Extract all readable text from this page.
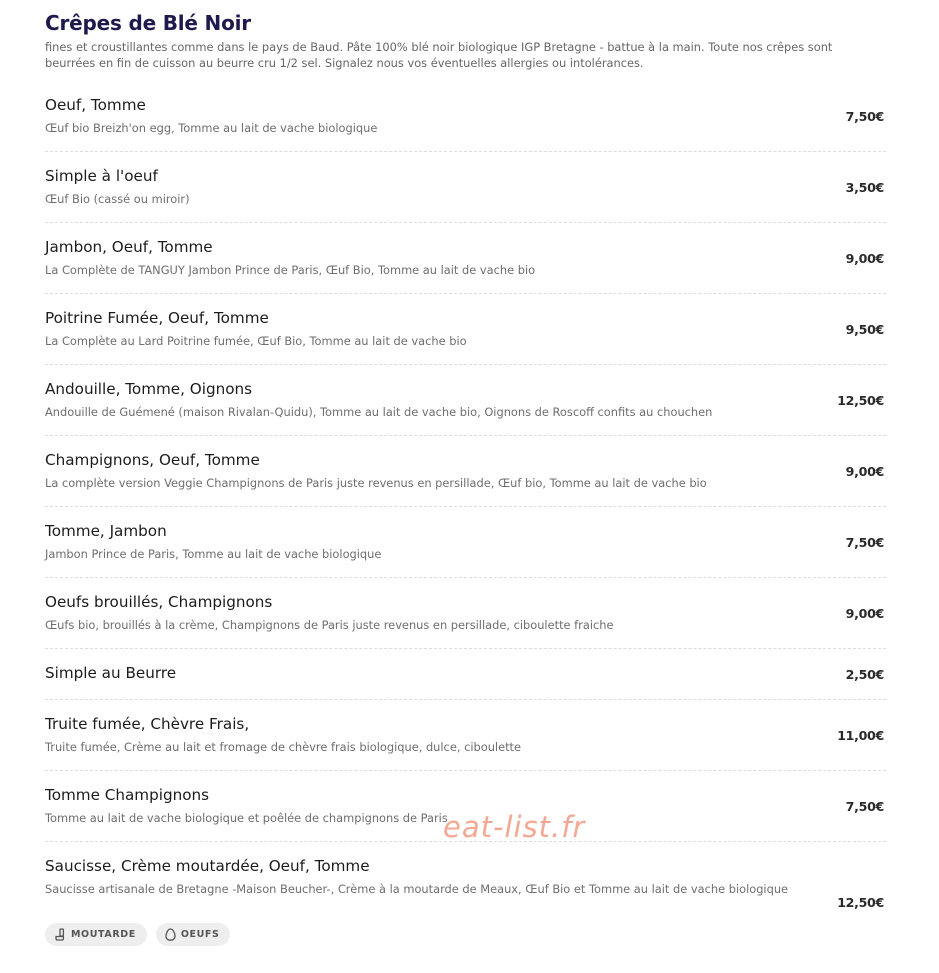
Crêpes de Blé Noir
fines et croustillantes comme dans le pays de Baud. Pâte 100% blé noir biologique IGP Bretagne - battue à la main. Toute nos crêpes sont beurrées en fin de cuisson au beurre cru 1/2 sel. Signalez nous vos éventuelles allergies ou intolérances.
Oeuf, Tomme
Œuf bio Breizh'on egg, Tomme au lait de vache biologique
7,50€
Simple à l'oeuf
Œuf Bio (cassé ou miroir)
3,50€
Jambon, Oeuf, Tomme
La Complète de TANGUY Jambon Prince de Paris, Œuf Bio, Tomme au lait de vache bio
9,00€
Poitrine Fumée, Oeuf, Tomme
La Complète au Lard Poitrine fumée, Œuf Bio, Tomme au lait de vache bio
9,50€
Andouille, Tomme, Oignons
Andouille de Guémené (maison Rivalan-Quidu), Tomme au lait de vache bio, Oignons de Roscoff confits au chouchen
12,50€
Champignons, Oeuf, Tomme
La complète version Veggie Champignons de Paris juste revenus en persillade, Œuf bio, Tomme au lait de vache bio
9,00€
Tomme, Jambon
Jambon Prince de Paris, Tomme au lait de vache biologique
7,50€
Oeufs brouillés, Champignons
Œufs bio, brouillés à la crème, Champignons de Paris juste revenus en persillade, ciboulette fraiche
9,00€
Simple au Beurre	2,50€
Truite fumée, Chèvre Frais,
Truite fumée, Crème au lait et fromage de chèvre frais biologique, dulce, ciboulette
11,00€
Tomme Champignons
Tomme au lait de vache biologique et poêlée de champignons de Paris
7,50€
Saucisse, Crème moutardée, Oeuf, Tomme
Saucisse artisanale de Bretagne -Maison Beucher-, Crème à la moutarde de Meaux, Œuf Bio et Tomme au lait de vache biologique
12,50€
MOUTARDE	OEUFS
eat-list.fr
